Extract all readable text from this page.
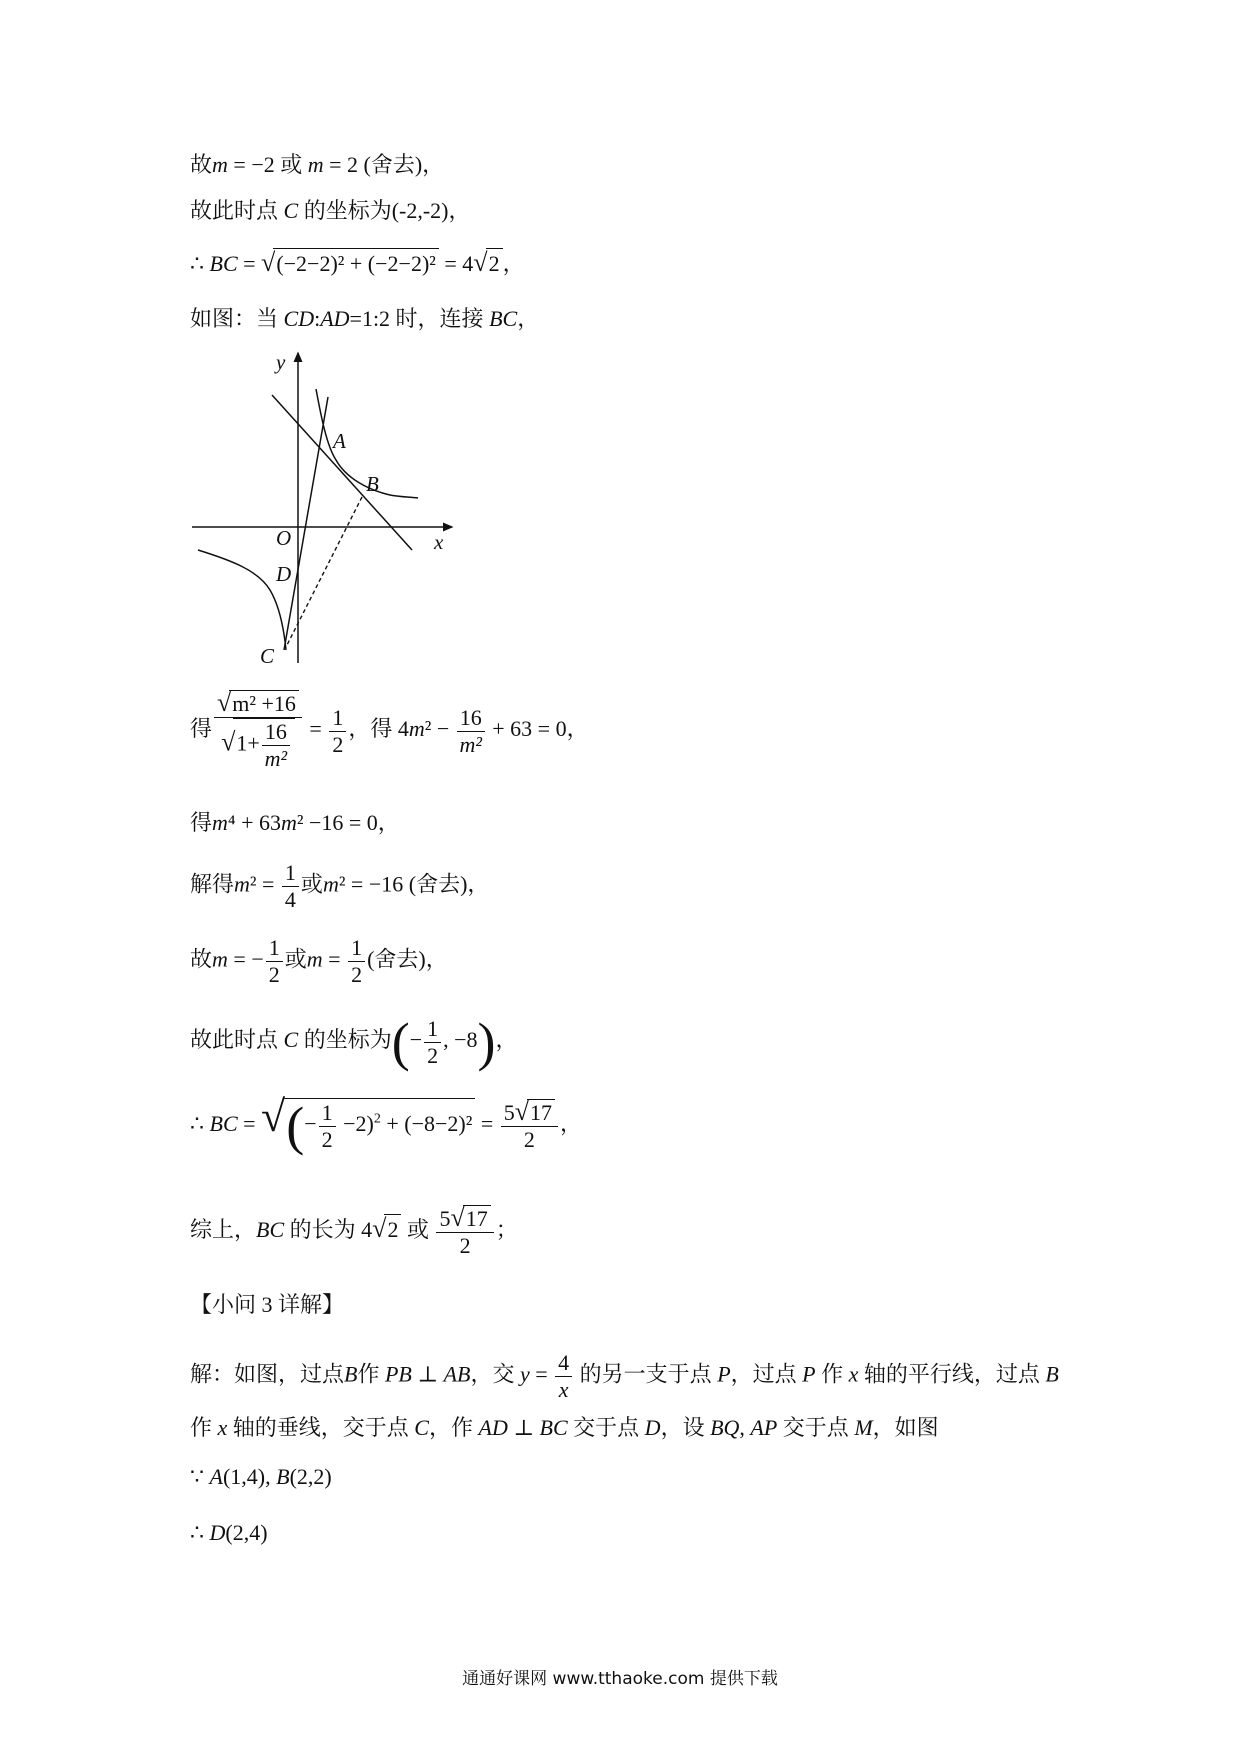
故m = −2 或 m = 2 (舍去)，
故此时点 C 的坐标为(-2,-2)，
∴ BC = √(−2−2)² + (−2−2)² = 4√2 ，
如图：当 CD:AD=1:2 时，连接 BC，
y
x
A
B
O
D
C
得 $\frac{\text{√m² +16}}{√1+ \frac{16}{\text{m²}}} = \frac{1}{2}$ ，得 $4m^2 - \frac{16}{\text{m²}} + 63 = 0$，
得m⁴ + 63m² −16 = 0，
解得$m^2 = \frac{1}{4}$ 或m² = −16 (舍去)，
故m = − $\frac{1}{2}$ 或$m = \frac{1}{2}$ (舍去)，
故此时点 C 的坐标为(− $\frac{1}{2}$ , −8)，
∴ BC = √(− $\frac{1}{2} -2)^2 + (-8-2)^2 = \frac{5√17}{2}$ ，
综上，BC 的长为 4√2 或 $\frac{5√17}{2}$ ；
【小问 3 详解】
解：如图，过点B作 PB ⊥ AB，交 $y = \frac{4}{x}$ 的另一支于点 P，过点 P 作 x 轴的平行线，过点 B
作 x 轴的垂线，交于点 C，作 AD ⊥ BC 交于点 D，设 BQ, AP 交于点 M，如图
∵ A(1,4), B(2,2)
∴ D(2,4)
通通好课网 www.tthaoke.com 提供下载
